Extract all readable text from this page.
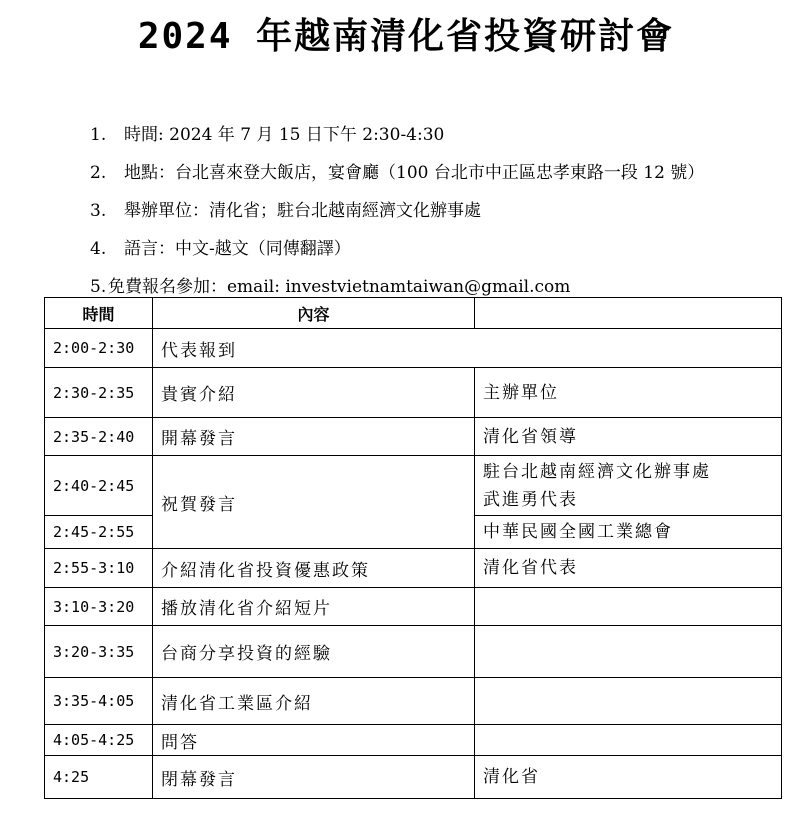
2024 年越南清化省投資研討會
1. 時間: 2024 年 7 月 15 日下午 2:30-4:30
2. 地點：台北喜來登大飯店，宴會廳（100 台北市中正區忠孝東路一段 12 號）
3. 舉辦單位：清化省；駐台北越南經濟文化辦事處
4. 語言：中文-越文（同傳翻譯）
5. 免費報名參加：email: investvietnamtaiwan@gmail.com
時間	內容	
2:00-2:30	代表報到	
2:30-2:35	貴賓介紹	主辦單位
2:35-2:40	開幕發言	清化省領導
2:40-2:45	祝賀發言	駐台北越南經濟文化辦事處
武進勇代表
2:45-2:55		中華民國全國工業總會
2:55-3:10	介紹清化省投資優惠政策	清化省代表
3:10-3:20	播放清化省介紹短片	
3:20-3:35	台商分享投資的經驗	
3:35-4:05	清化省工業區介紹	
4:05-4:25	問答	
4:25	閉幕發言	清化省
